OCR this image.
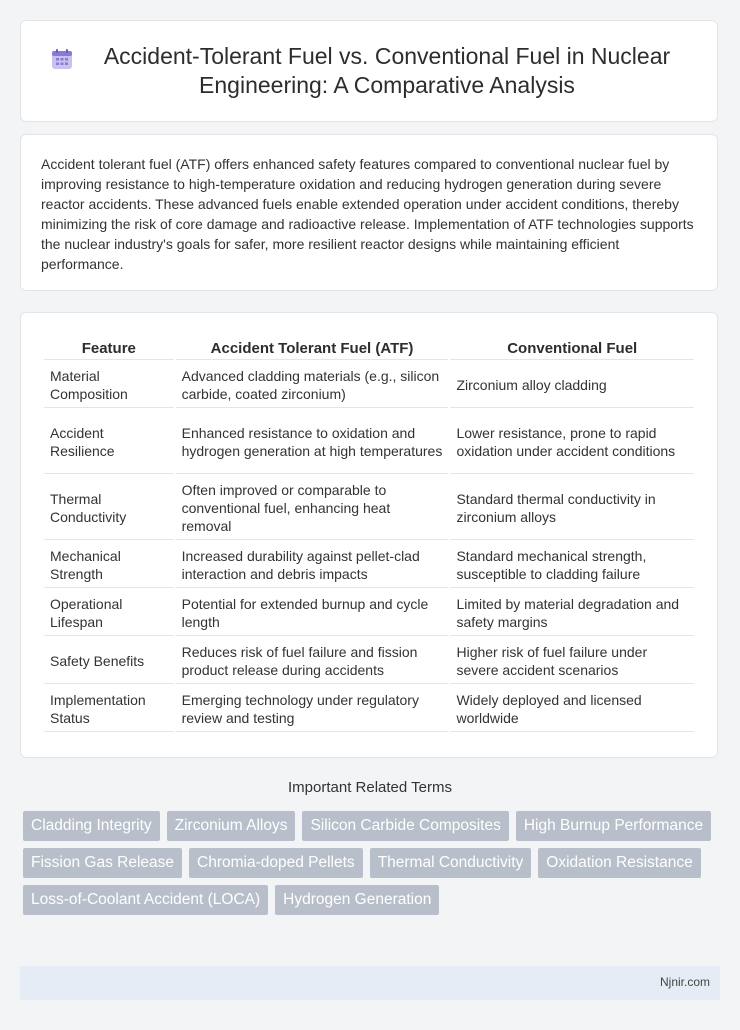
Accident-Tolerant Fuel vs. Conventional Fuel in Nuclear Engineering: A Comparative Analysis

Accident tolerant fuel (ATF) offers enhanced safety features compared to conventional nuclear fuel by improving resistance to high-temperature oxidation and reducing hydrogen generation during severe reactor accidents. These advanced fuels enable extended operation under accident conditions, thereby minimizing the risk of core damage and radioactive release. Implementation of ATF technologies supports the nuclear industry's goals for safer, more resilient reactor designs while maintaining efficient performance.

Feature	Accident Tolerant Fuel (ATF)	Conventional Fuel
Material Composition	Advanced cladding materials (e.g., silicon carbide, coated zirconium)	Zirconium alloy cladding
Accident Resilience	Enhanced resistance to oxidation and hydrogen generation at high temperatures	Lower resistance, prone to rapid oxidation under accident conditions
Thermal Conductivity	Often improved or comparable to conventional fuel, enhancing heat removal	Standard thermal conductivity in zirconium alloys
Mechanical Strength	Increased durability against pellet-clad interaction and debris impacts	Standard mechanical strength, susceptible to cladding failure
Operational Lifespan	Potential for extended burnup and cycle length	Limited by material degradation and safety margins
Safety Benefits	Reduces risk of fuel failure and fission product release during accidents	Higher risk of fuel failure under severe accident scenarios
Implementation Status	Emerging technology under regulatory review and testing	Widely deployed and licensed worldwide
Important Related Terms
Cladding Integrity	Zirconium Alloys	Silicon Carbide Composites	High Burnup Performance
Fission Gas Release	Chromia-doped Pellets	Thermal Conductivity	Oxidation Resistance
Loss-of-Coolant Accident (LOCA)	Hydrogen Generation
Njnir.com
